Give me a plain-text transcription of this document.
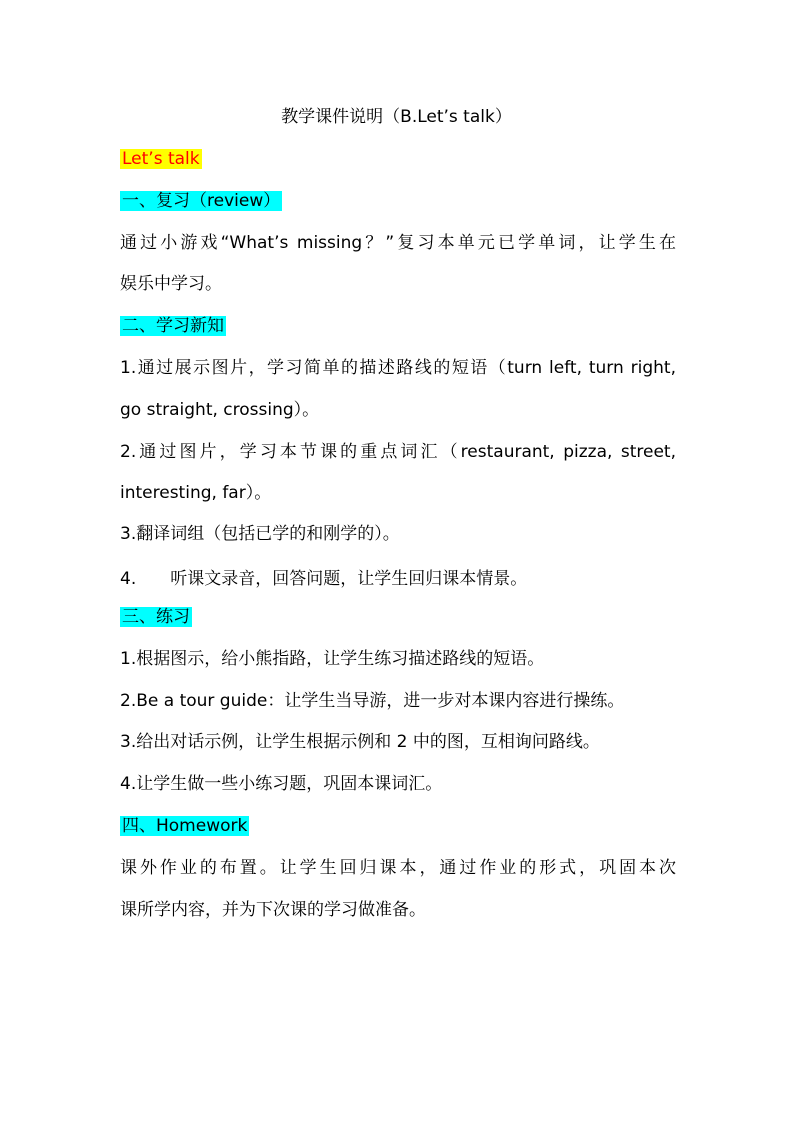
教学课件说明（B.Let’s talk）
Let’s talk
一、复习（review）
通过小游戏“What’s missing？”复习本单元已学单词，让学生在
娱乐中学习。
二、学习新知
1.通过展示图片，学习简单的描述路线的短语（turn left, turn right,
go straight, crossing）。
2.通过图片，学习本节课的重点词汇（restaurant, pizza, street,
interesting, far）。
3.翻译词组（包括已学的和刚学的）。
4.　　听课文录音，回答问题，让学生回归课本情景。
三、练习
1.根据图示，给小熊指路，让学生练习描述路线的短语。
2.Be a tour guide：让学生当导游，进一步对本课内容进行操练。
3.给出对话示例，让学生根据示例和 2 中的图，互相询问路线。
4.让学生做一些小练习题，巩固本课词汇。
四、Homework
课外作业的布置。让学生回归课本，通过作业的形式，巩固本次
课所学内容，并为下次课的学习做准备。
